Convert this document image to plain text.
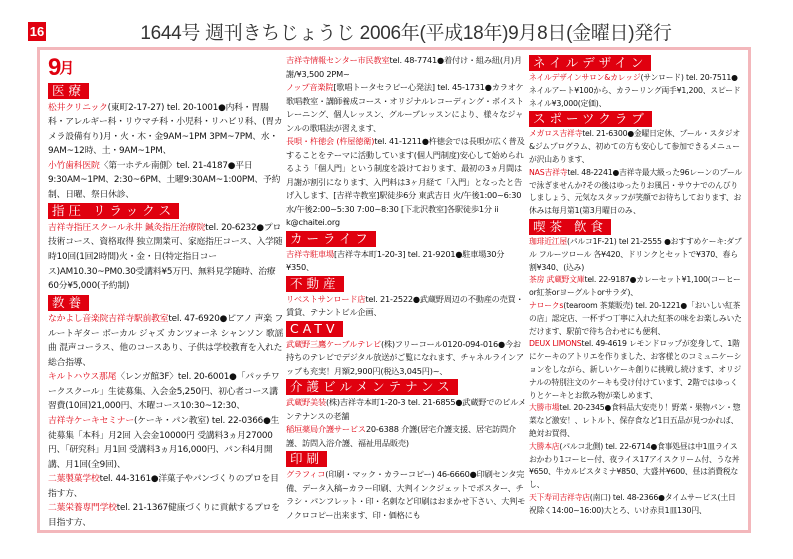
16	1644号 週刊きちじょうじ 2006年(平成18年)9月8日(金曜日)発行
9月
医療

松井クリニック(東町2-17-27) tel. 20-1001●内科・胃腸科・アレルギー科・リウマチ科・小児科・リハビリ科、(胃カメラ設備有り)月・火・木・金9AM~1PM 3PM~7PM、水・9AM~12時、土・9AM~1PM、

小竹歯科医院〈第一ホテル南側〉tel. 21-4187●平日9:30AM~1PM、2:30~6PM、土曜9:30AM~1:00PM、予約制、日曜、祭日休診、

指圧 リラックス

吉祥寺指圧スクール永井 鍼灸指圧治療院tel. 20-6232●プロ技術コース、資格取得 独立開業可、家庭指圧コース、入学随時10回(1回2時間)火・金・日(特定指日コース)AM10.30~PM0.30受講料¥5万円、無料見学随時、治療60分¥5,000(予約制)

教養

なかよし音楽院吉祥寺駅前教室tel. 47-6920●ピアノ 声楽 フルートギター ボーカル ジャズ カンツォーネ シャンソン 歌謡曲 混声コーラス、他のコースあり、子供は学校教育を入れた総合指導、

キルトハウス那尾〈レンガ館3F〉tel. 20-6001●「パッチワークスクール」生徒募集、入会金5,250円、初心者コース講習費(10回)21,000円、木曜コース10:30~12:30、

吉祥寺ケーキセミナー(ケーキ・パン教室) tel. 22-0366●生徒募集「本科」月2回 入会金10000円 受講料3ヵ月27000円、「研究科」月1回 受講料3ヵ月16,000円、パン科4月開講、月1回(全9回)、

二葉製菓学校tel. 44-3161●洋菓子やパンづくりのプロを目指す方、

二葉栄養専門学校tel. 21-1367健康づくりに貢献するプロを目指す方、

吉祥寺情報センター市民教室tel. 48-7741●着付け・組み紐(月)月謝/¥3,500 2PM~

ノップ音楽院[歌唱トータセラピー心発法] tel. 45-1731●カラオケ歌唱教室・講師養成コース・オリジナルレコーディング・ボイストレーニング、個人レッスン、グループレッスンにより、様々なジャンルの歌唱法が習えます、

長唄・杵徳会 (杵屋徳衛)tel. 41-1211●杵徳会では長唄が広く普及することをテーマに活動しています(個人門制度)安心して始められるよう「個人門」という制度を設けております、最初の3ヵ月間は月謝が割引になります、入門料は3ヶ月経て「入門」となったと告げ入します、[吉祥寺教室]駅徒歩6分 東武吉日 火/午後1:00~6:30 水/午後2:00~5:30 7:00~8:30 [下北沢教室]各駅徒歩1分 ii k@chaitei.org

カーライフ

吉祥寺駐車場[吉祥寺本町1-20-3] tel. 21-9201●駐車場30分¥350、

不動産

リベストサンロード店tel. 21-2522●武蔵野周辺の不動産の売買・賃貸、テナントビル企画、

CATV

武蔵野三鷹ケーブルテレビ(株)フリーコール0120-094-016●今お持ちのテレビでデジタル放送がご覧になれます、チャネルラインアップも充実！月額2,900円(税込3,045円)~、

介護ビルメンテナンス

武蔵野美装(株)吉祥寺本町1-20-3 tel. 21-6855●武蔵野でのビルメンテナンスの老舗

稲垣薬局介護サービス20-6388 介護(居宅介護支援、居宅訪問介護、訪問入浴介護、福祉用品販売)

印刷

グラフィコ(印刷・マック・カラーコピー) 46-6660●印刷センタ完備、データ入稿~カラー印刷、大判インクジェットでポスター、チラシ・パンフレット・印・名刺など印刷はおまかせ下さい、大判モノクロコピー出来ます、印・価格にも

ネイルデザイン

ネイルデザインサロン&カレッジ(サンロード) tel. 20-7511●ネイルアート¥100から、カラーリング両手¥1,200、スピードネイル¥3,000(定価)、

スポーツクラブ

メガロス吉祥寺tel. 21-6300●金曜日定休、プール・スタジオ&ジムプログラム、初めての方も安心して参加できるメニューが沢山あります、

NAS吉祥寺tel. 48-2241●吉祥寺最大級った96レーンのプールで泳ぎませんか?その後はゆったりお風呂・サウナでのんびりしましょう、元気なスタッフが笑顔でお待ちしております、お休みは毎月第1(第3月曜日のみ、

喫茶 飲食

珈琲近江屋(パルコ1F-21) tel 21-2555 ●おすすめケーキ:ダブル フルーツロール 各¥420、ドリンクとセットで¥370、春ら割¥340、(込み)

茶房 武蔵野文庫tel. 22-9187●カレーセット¥1,100(コーヒーor紅茶orヨーグルトorサラダ)、

ナロークs(tearoom 茶葉販売) tel. 20-1221●「おいしい紅茶の店」認定店、一杯ずつ丁寧に入れた紅茶の味をお楽しみいただけます、駅前で待ち合わせにも便利、

DEUX LIMONStel. 49-4619 レモンドロップが変身して、1階にケーキのアトリエを作りました、お客様とのコミュニケーションをしながら、新しいケーキ創りに挑戦し続けます、オリジナルの特別注文のケーキも受け付けています、2階ではゆっくりとケーキとお飲み物が楽しめます、

大勝市場tel. 20-2345●食料品大安売り！野菜・果物パン・惣菜など激安！、レトルト、保存食など1日五品が見つかれば、絶対お買得、

大勝本店(パルコ北側) tel. 22-6714●食事処昼は中1皿ライスおかわり1コーヒー付、夜ライス17アイスクリーム付、うな丼¥650、牛カルビスタミナ¥850、大盛丼¥600、昼は消費税なし、

天下寿司吉祥寺店(南口) tel. 48-2366●タイムサービス(土日祝除く14:00~16:00)大とろ、いけ赤貝1皿130円、
